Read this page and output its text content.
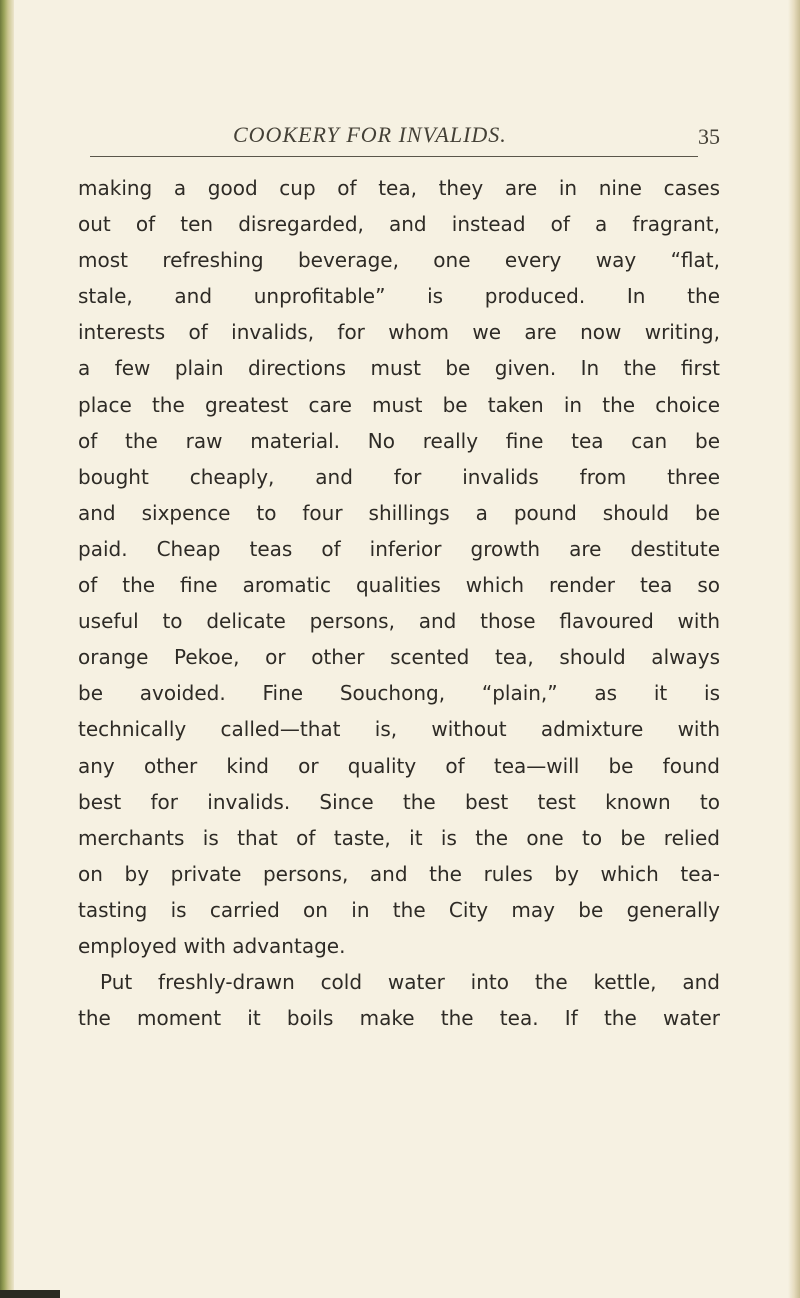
COOKERY FOR INVALIDS.	35
making a good cup of tea, they are in nine cases
out of ten disregarded, and instead of a fragrant,
most refreshing beverage, one every way “flat,
stale, and unprofitable” is produced. In the
interests of invalids, for whom we are now writing,
a few plain directions must be given. In the first
place the greatest care must be taken in the choice
of the raw material. No really fine tea can be
bought cheaply, and for invalids from three
and sixpence to four shillings a pound should be
paid. Cheap teas of inferior growth are destitute
of the fine aromatic qualities which render tea so
useful to delicate persons, and those flavoured with
orange Pekoe, or other scented tea, should always
be avoided. Fine Souchong, “plain,” as it is
technically called—that is, without admixture with
any other kind or quality of tea—will be found
best for invalids. Since the best test known to
merchants is that of taste, it is the one to be relied
on by private persons, and the rules by which tea-
tasting is carried on in the City may be generally
employed with advantage.
Put freshly-drawn cold water into the kettle, and
the moment it boils make the tea. If the water
